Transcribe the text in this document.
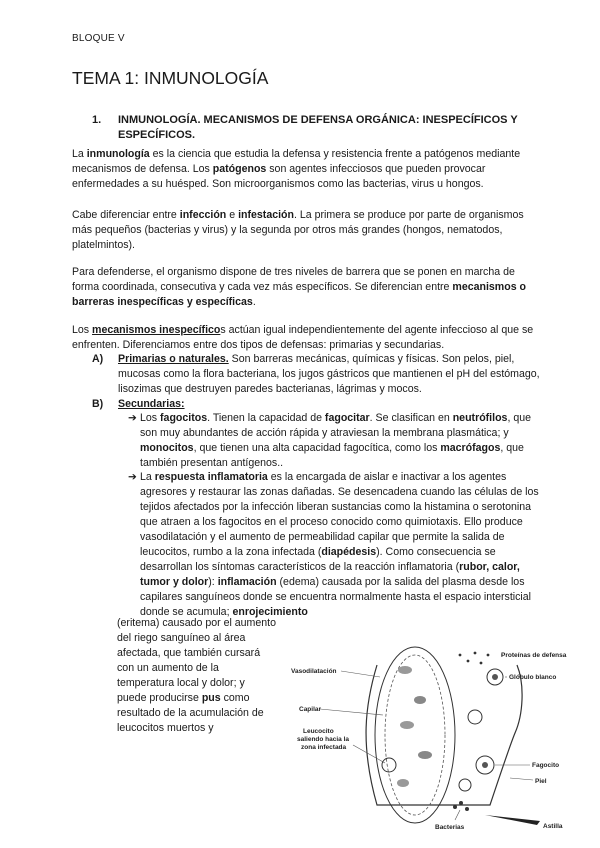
BLOQUE V
TEMA 1: INMUNOLOGÍA
1.	INMUNOLOGÍA. MECANISMOS DE DEFENSA ORGÁNICA: INESPECÍFICOS Y ESPECÍFICOS.

La inmunología es la ciencia que estudia la defensa y resistencia frente a patógenos mediante mecanismos de defensa. Los patógenos son agentes infecciosos que pueden provocar enfermedades a su huésped. Son microorganismos como las bacterias, virus u hongos.

Cabe diferenciar entre infección e infestación. La primera se produce por parte de organismos más pequeños (bacterias y virus) y la segunda por otros más grandes (hongos, nematodos, platelmintos).

Para defenderse, el organismo dispone de tres niveles de barrera que se ponen en marcha de forma coordinada, consecutiva y cada vez más específicos. Se diferencian entre mecanismos o barreras inespecíficas y específicas.

Los mecanismos inespecíficos actúan igual independientemente del agente infeccioso al que se enfrenten. Diferenciamos entre dos tipos de defensas: primarias y secundarias.

A)	Primarias o naturales. Son barreras mecánicas, químicas y físicas. Son pelos, piel, mucosas como la flora bacteriana, los jugos gástricos que mantienen el pH del estómago, lisozimas que destruyen paredes bacterianas, lágrimas y mocos.
B)	Secundarias:
➔ Los fagocitos. Tienen la capacidad de fagocitar. Se clasifican en neutrófilos, que son muy abundantes de acción rápida y atraviesan la membrana plasmática; y monocitos, que tienen una alta capacidad fagocítica, como los macrófagos, que también presentan antígenos..
➔ La respuesta inflamatoria es la encargada de aislar e inactivar a los agentes agresores y restaurar las zonas dañadas. Se desencadena cuando las células de los tejidos afectados por la infección liberan sustancias como la histamina o serotonina que atraen a los fagocitos en el proceso conocido como quimiotaxis. Ello produce vasodilatación y el aumento de permeabilidad capilar que permite la salida de leucocitos, rumbo a la zona infectada (diapédesis). Como consecuencia se desarrollan los síntomas característicos de la reacción inflamatoria (rubor, calor, tumor y dolor): inflamación (edema) causada por la salida del plasma desde los capilares sanguíneos donde se encuentra normalmente hasta el espacio intersticial donde se acumula; enrojecimiento
(eritema) causado por el aumento del riego sanguíneo al área afectada, que también cursará con un aumento de la temperatura local y dolor; y puede producirse pus como resultado de la acumulación de leucocitos muertos y
Proteínas de defensa
Glóbulo blanco
Vasodilatación
Capilar
Leucocito
saliendo hacia la
zona infectada
Fagocito
Piel
Bacterias	Astilla
